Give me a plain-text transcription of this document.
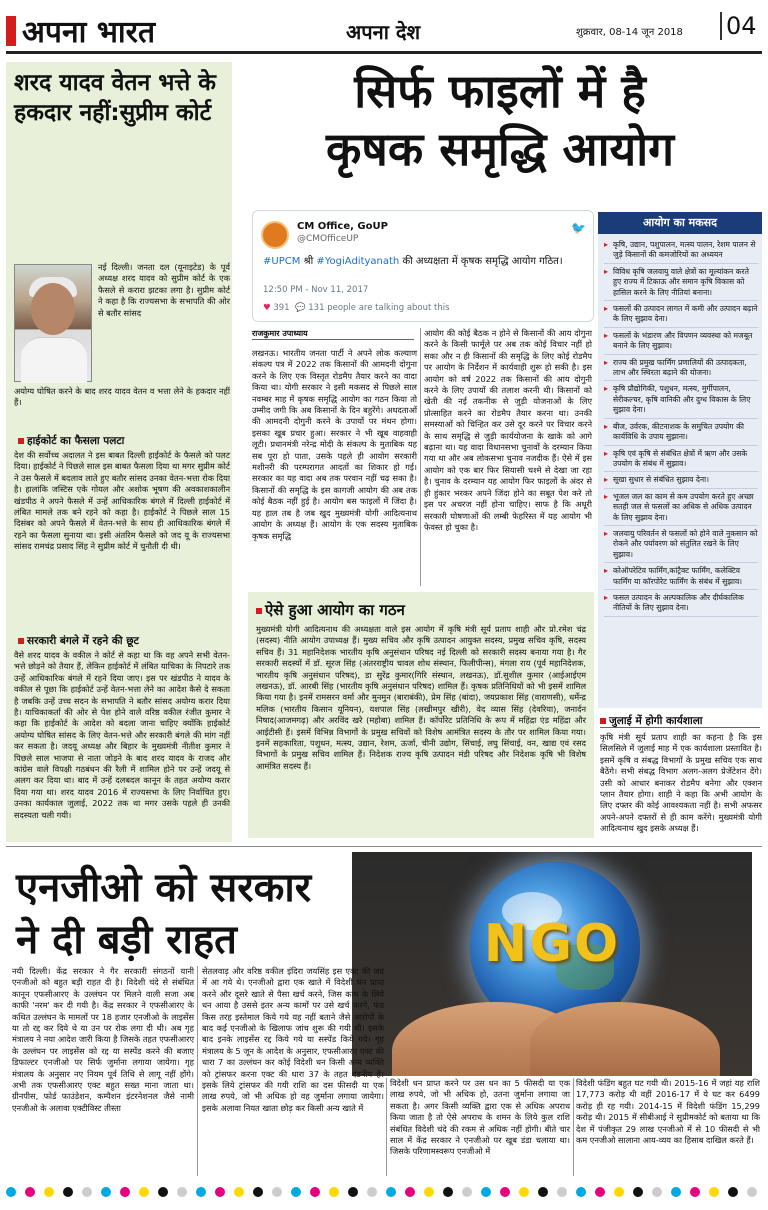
अपना भारत	अपना देश	शुक्रवार, 08-14 जून 2018 04
शरद यादव वेतन भत्ते के हकदार नहीं:सुप्रीम कोर्ट
नई दिल्ली। जनता दल (यूनाइटेड) के पूर्व अध्यक्ष शरद यादव को सुप्रीम कोर्ट के एक फैसले से करारा झटका लगा है। सुप्रीम कोर्ट ने कहा है कि राज्यसभा के सभापति की ओर से बतौर सांसद
अयोग्य घोषित करने के बाद शरद यादव वेतन व भत्ता लेने के हकदार नहीं हैं।
हाईकोर्ट का फैसला पलटा
देश की सर्वोच्च अदालत ने इस बाबत दिल्ली हाईकोर्ट के फैसले को पलट दिया। हाईकोर्ट ने पिछले साल इस बाबत फैसला दिया था मगर सुप्रीम कोर्ट ने उस फैसले में बदलाव लाते हुए बतौर सांसद उनका वेतन-भत्ता रोक दिया है। हालांकि जस्टिस एके गोयल और अशोक भूषण की अवकाशकालीन खंडपीठ ने अपने फैसले में उन्हें आधिकारिक बंगले में दिल्ली हाईकोर्ट में लंबित मामले तक बने रहने को कहा है। हाईकोर्ट ने पिछले साल 15 दिसंबर को अपने फैसले में वेतन-भत्ते के साथ ही आधिकारिक बंगले में रहने का फैसला सुनाया था। इसी अंतरिम फैसले को जद यू के राज्यसभा सांसद रामचंद्र प्रसाद सिंह ने सुप्रीम कोर्ट में चुनौती दी थी।
सरकारी बंगले में रहने की छूट
वैसे शरद यादव के वकील ने कोर्ट से कहा था कि वह अपने सभी वेतन-भत्ते छोड़ने को तैयार हैं, लेकिन हाईकोर्ट में लंबित याचिका के निपटारे तक उन्हें आधिकारिक बंगले में रहने दिया जाए। इस पर खंडपीठ ने यादव के वकील से पूछा कि हाईकोर्ट उन्हें वेतन-भत्ता लेने का आदेश कैसे दे सकता है जबकि उन्हें उच्च सदन के सभापति ने बतौर सांसद अयोग्य करार दिया है। याचिकाकर्ता की ओर से पेश होने वाले वरिष्ठ वकील रंजीत कुमार ने कहा कि हाईकोर्ट के आदेश को बदला जाना चाहिए क्योंकि हाईकोर्ट अयोग्य घोषित सांसद के लिए वेतन-भत्ते और सरकारी बंगले की मांग नहीं कर सकता है। जदयू अध्यक्ष और बिहार के मुख्यमंत्री नीतीश कुमार ने पिछले साल भाजपा से नाता जोड़ने के बाद शरद यादव के राजद और कांग्रेस वाले विपक्षी गठबंधन की रैली में शामिल होने पर उन्हें जदयू से अलग कर दिया था। बाद में उन्हें दलबदल कानून के तहत अयोग्य करार दिया गया था। शरद यादव 2016 में राज्यसभा के लिए निर्वाचित हुए। उनका कार्यकाल जुलाई, 2022 तक था मगर उसके पहले ही उनकी सदस्यता चली गयी।
सिर्फ फाइलों में है
कृषक समृद्धि आयोग
CM Office, GoUP
@CMOfficeUP
🐦
#UPCM श्री #YogiAdityanath की अध्यक्षता में कृषक समृद्धि आयोग गठित।
12:50 PM - Nov 11, 2017
♥ 391 💬 131 people are talking about this
राजकुमार उपाध्याय
लखनऊ। भारतीय जनता पार्टी ने अपने लोक कल्याण संकल्प पत्र में 2022 तक किसानों की आमदनी दोगुना करने के लिए एक विस्तृत रोडमैप तैयार करने का वादा किया था। योगी सरकार ने इसी मकसद से पिछले साल नवम्बर माह में कृषक समृद्धि आयोग का गठन किया तो उम्मीद जगी कि अब किसानों के दिन बहुरेंगे। अधदताओं की आमदनी दोगुनी करने के उपायों पर मंथन होगा। इसका खूब प्रचार हुआ। सरकार ने भी खूब वाहवाही लूटी। प्रधानमंत्री नरेन्द्र मोदी के संकल्प के मुताबिक यह सब पूरा हो पाता, उसके पहले ही आयोग सरकारी मशीनरी की परम्परागत आदतों का शिकार हो गई। सरकार का यह वादा अब तक परवान नहीं चढ़ सका है। किसानों की समृद्धि के इस कागजी आयोग की अब तक कोई बैठक नहीं हुई है। आयोग बस फाइलों में जिंदा है। यह हाल तब है जब खुद मुख्यमंत्री योगी आदित्यनाथ आयोग के अध्यक्ष हैं। आयोग के एक सदस्य मुताबिक कृषक समृद्धि
आयोग की कोई बैठक न होने से किसानों की आय दोगुना करने के किसी फार्मूले पर अब तक कोई विचार नहीं हो सका और न ही किसानों की समृद्धि के लिए कोई रोडमैप पर आयोग के निर्देशन में कार्यवाही शुरू हो सकी है। इस आयोग को वर्ष 2022 तक किसानों की आय दोगुनी करने के लिए उपायों की तलाश करनी थी। किसानों को खेती की नई तकनीक से जुड़ी योजनाओं के लिए प्रोत्साहित करने का रोडमैप तैयार करना था। उनकी समस्याओं को चिन्हित कर उसे दूर करने पर विचार करने के साथ समृद्धि से जुड़ी कार्ययोजना के खाके को आगे बढ़ाना था। यह वादा विधानसभा चुनावों के दरम्यान किया गया था और अब लोकसभा चुनाव नजदीक हैं। ऐसे में इस आयोग को एक बार फिर सियासी चश्मे से देखा जा रहा है। चुनाव के दरम्यान यह आयोग फिर फाइलों के अंदर से ही हुंकार भरकर अपने जिंदा होने का सबूत पेश करे तो इस पर अचरज नहीं होना चाहिए। साफ है कि अधूरी सरकारी घोषणाओं की लम्बी फेहरिस्त में यह आयोग भी फेवस्त हो चुका है।
आयोग का मकसद
▸ कृषि, उद्यान, पशुपालन, मत्स्य पालन, रेशम पालन से जुड़े किसानों की कमजोरियों का अध्ययन
▸ विविध कृषि जलवायु वाले क्षेत्रों का मूल्यांकन करते हुए राज्य में टिकाऊ और समान कृषि विकास को हासिल करने के लिए नीतियां बनाना।
▸ फसलों की उत्पादन लागत में कमी और उत्पादन बढ़ाने के लिए सुझाव देना।
▸ फसलों के भंडारण और विपणन व्यवस्था को मजबूत बनाने के लिए सुझाव।
▸ राज्य की प्रमुख फार्मिंग प्रणालियों की उत्पादकता, लाभ और स्थिरता बढ़ाने की योजना।
▸ कृषि प्रौद्योगिकी, पशुधन, मत्स्य, मुर्गीपालन, सेरीकल्चर, कृषि वानिकी और दुग्ध विकास के लिए सुझाव देना।
▸ बीज, उर्वरक, कीटनाशक के समुचित उपयोग की कार्यविधि के उपाय सुझाना।
▸ कृषि एवं कृषि से संबंधित क्षेत्रों में ऋण और उसके उपयोग के संबंध में सुझाव।
▸ सूखा सुधार से संबंधित सुझाव देना।
▸ भूजल जल का काम से कम उपयोग करते हुए अच्छा सतही जल से फसलों का अधिक से अधिक उत्पादन के लिए सुझाव देना।
▸ जलवायु परिवर्तन से फसलों को होने वाले नुकसान को रोकने और पर्यावरण को संतुलित रखने के लिए सुझाव।
▸ कोऑपरेटिव फार्मिंग,कांट्रैक्ट फार्मिंग, कलेक्टिव फार्मिंग या कॉरपोरेट फार्मिंग के संबंध में सुझाव।
▸ फसल उत्पादन के अल्पकालिक और दीर्घकालिक नीतियों के लिए सुझाव देना।
ऐसे हुआ आयोग का गठन
मुख्यमंत्री योगी आदित्यनाथ की अध्यक्षता वाले इस आयोग में कृषि मंत्री सूर्य प्रताप शाही और प्रो.रमेश चंद्र (सदस्य) नीति आयोग उपाध्यक्ष हैं। मुख्य सचिव और कृषि उत्पादन आयुक्त सदस्य, प्रमुख सचिव कृषि, सदस्य सचिव हैं। 31 महानिदेशक भारतीय कृषि अनुसंधान परिषद नई दिल्ली को सरकारी सदस्य बनाया गया है। गैर सरकारी सदस्यों में डॉ. सूरज सिंह (अंतरराष्ट्रीय चावल शोध संस्थान, फिलीपीन्स), मंगला राय (पूर्व महानिदेशक, भारतीय कृषि अनुसंधान परिषद), डा सुरेंद्र कुमार(गिरि संस्थान, लखनऊ), डॉ.सुशील कुमार (आईआईएम लखनऊ), डॉ. आरबी सिंह (भारतीय कृषि अनुसंधान परिषद) शामिल हैं। कृषक प्रतिनिधियों को भी इसमें शामिल किया गया है। इनमें रामसरन वर्मा और मुनमुन (बाराबंकी), प्रेम सिंह (बांदा), जयप्रकाश सिंह (वाराणसी), धर्मेन्द्र मलिक (भारतीय किसान यूनियन), यशपाल सिंह (लखीमपुर खीरी), वेद व्यास सिंह (देवरिया), जनार्दन निषाद(आजमगढ़) और अरविंद खरे (महोबा) शामिल हैं। कॉर्पोरेट प्रतिनिधि के रूप में महिंद्रा एंड महिंद्रा और आईटीसी हैं। इसमें विभिन्न विभागों के प्रमुख सचिवों को विशेष आमंत्रित सदस्य के तौर पर शामिल किया गया। इनमें सहकारिता, पशुधन, मत्स्य, उद्यान, रेशम, ऊर्जा, चीनी उद्योग, सिंचाई, लघु सिंचाई, वन, खाद्य एवं रसद विभागों के प्रमुख सचिव शामिल हैं। निदेशक राज्य कृषि उत्पादन मंडी परिषद और निदेशक कृषि भी विशेष आमंत्रित सदस्य हैं।
जुलाई में होगी कार्यशाला
कृषि मंत्री सूर्य प्रताप शाही का कहना है कि इस सिलसिले में जुलाई माह में एक कार्यशाला प्रस्तावित है। इसमें कृषि व संबद्ध विभागों के प्रमुख सचिव एक साथ बैठेंगे। सभी संबद्ध विभाग अलग-अलग प्रेजेंटेशन देंगे। उसी को आधार बनाकर रोडमैप बनेगा और एक्शन प्लान तैयार होगा। शाही ने कहा कि अभी आयोग के लिए दफ्तर की कोई आवश्यकता नहीं है। सभी अफसर अपने-अपने दफ्तरों से ही काम करेंगे। मुख्यमंत्री योगी आदित्यनाथ खुद इसके अध्यक्ष हैं।
एनजीओ को सरकार ने दी बड़ी राहत	NGO
नयी दिल्ली। केंद्र सरकार ने गैर सरकारी संगठनों यानी एनजीओ को बहुत बड़ी राहत दी है। विदेशी चंदे से संबंधित कानून एफसीआरए के उल्लंघन पर मिलने वाली सजा अब काफी 'नरम' कर दी गयी है। केंद्र सरकार ने एफसीआरए के कथित उल्लंघन के मामलों पर 18 हजार एनजीओ के लाइसेंस या तो रद्द कर दिये थे या उन पर रोक लगा दी थी। अब गृह मंत्रालय ने नया आदेश जारी किया है जिसके तहत एफसीआरए के उल्लंघन पर लाइसेंस को रद्द या सस्पेंड करने की बजाए डिफाल्टर एनजीओ पर सिर्फ जुर्माना लगाया जायेगा। गृह मंत्रालय के अनुसार नए नियम पूर्व तिथि से लागू नहीं होंगे। अभी तक एफसीआरए एक्ट बहुत सख्त माना जाता था। ग्रीनपीस, फोर्ड फाउंडेशन, कम्पैशन इंटरनेशनल जैसे नामी एनजीओ के अलावा एक्टीविस्ट तीस्ता
सेतलवाड़ और वरिष्ठ वकील इंदिरा जयसिंह इस एक्ट की जद में आ गये थे। एनजीओ द्वारा एक खाते में विदेशी धन प्राप्त करने और दूसरे खाते से पैसा खर्च करने, जिस काम के लिये धन आया है उससे इतर अन्य कामों पर उसे खर्च करने, फंड किस तरह इस्तेमाल किये गये यह नहीं बताने जैसे आरोपों के बाद कई एनजीओ के खिलाफ जांच शुरू की गयी थी। इसके बाद इनके लाइसेंस रद्द किये गये या सस्पेंड किये गये। गृह मंत्रालय के 5 जून के आदेश के अनुसार, एफसीआरए एक्ट की धारा 7 का उल्लंघन कर कोई विदेशी धन किसी अन्य व्यक्ति को ट्रांसफर करना एक्ट की धारा 37 के तहत दंडनीय है। इसके लिये ट्रांसफर की गयी राशि का दस फीसदी या एक लाख रुपये, जो भी अधिक हो वह जुर्माना लगाया जायेगा। इसके अलावा नियत खाता छोड़ कर किसी अन्य खाते में
विदेशी धन प्राप्त करने पर उस धन का 5 फीसदी या एक लाख रुपये, जो भी अधिक हो, उतना जुर्माना लगाया जा सकता है। अगर किसी व्यक्ति द्वारा एक से अधिक अपराध किया जाता है तो ऐसे अपराध के शमन के लिये कुल राशि संबंधित विदेशी चंदे की रकम से अधिक नहीं होगी। बीते चार साल में केंद्र सरकार ने एनजीओ पर खूब डंडा चलाया था। जिसके परिणामस्वरूप एनजीओ में
विदेशी फंडिंग बहुत घट गयी थी। 2015-16 में जहां यह राशि 17,773 करोड़ थी वहीं 2016-17 में ये घट कर 6499 करोड़ ही रह गयी। 2014-15 में विदेशी फंडिंग 15,299 करोड़ थी। 2015 में सीबीआई ने सुप्रीमकोर्ट को बताया था कि देश में पंजीकृत 29 लाख एनजीओ में से 10 फीसदी से भी कम एनजीओ सालाना आय-व्यय का हिसाब दाखिल करते हैं।
